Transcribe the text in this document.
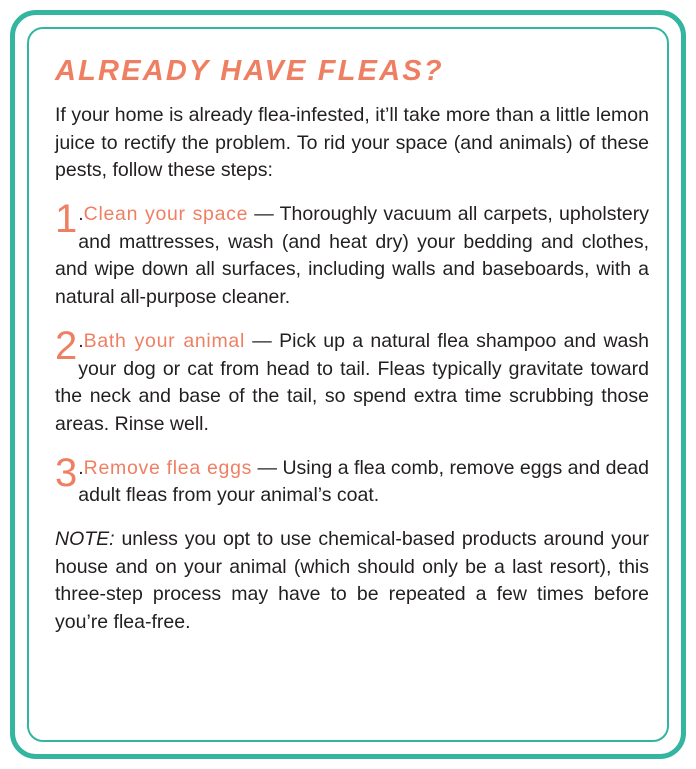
ALREADY HAVE FLEAS?

If your home is already flea-infested, it’ll take more than a little lemon juice to rectify the problem. To rid your space (and animals) of these pests, follow these steps:

1 .Clean your space — Thoroughly vacuum all carpets, upholstery and mattresses, wash (and heat dry) your bedding and clothes, and wipe down all surfaces, including walls and baseboards, with a natural all-purpose cleaner.

2 .Bath your animal — Pick up a natural flea shampoo and wash your dog or cat from head to tail. Fleas typically gravitate toward the neck and base of the tail, so spend extra time scrubbing those areas. Rinse well.

3 .Remove flea eggs — Using a flea comb, remove eggs and dead adult fleas from your animal’s coat.

NOTE: unless you opt to use chemical-based products around your house and on your animal (which should only be a last resort), this three-step process may have to be repeated a few times before you’re flea-free.
